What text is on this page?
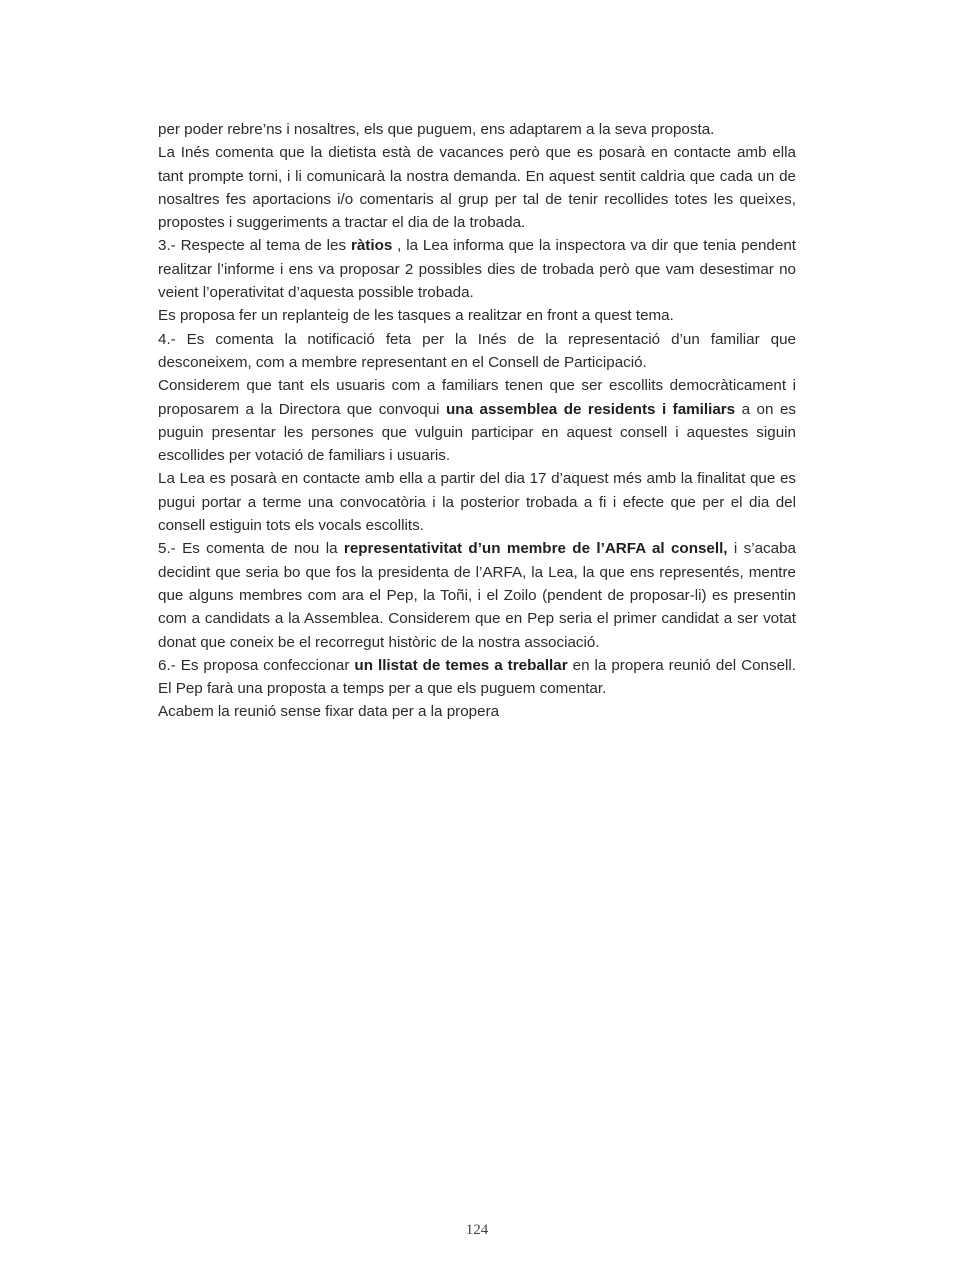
per poder rebre’ns i nosaltres, els que puguem, ens adaptarem a la seva proposta.

La Inés comenta que la dietista està de vacances però que es posarà en contacte amb ella tant prompte torni, i li comunicarà la nostra demanda. En aquest sentit caldria que cada un de nosaltres fes aportacions i/o comentaris al grup per tal de tenir recollides totes les queixes, propostes i suggeriments a tractar el dia de la trobada.

3.- Respecte al tema de les ràtios , la Lea informa que la inspectora va dir que tenia pendent realitzar l’informe i ens va proposar 2 possibles dies de trobada però que vam desestimar no veient l’operativitat d’aquesta possible trobada.

Es proposa fer un replanteig de les tasques a realitzar en front a quest tema.

4.- Es comenta la notificació feta per la Inés de la representació d’un familiar que desconeixem, com a membre representant en el Consell de Participació.

Considerem que tant els usuaris com a familiars tenen que ser escollits democràticament i proposarem a la Directora que convoqui una assemblea de residents i familiars a on es puguin presentar les persones que vulguin participar en aquest consell i aquestes siguin escollides per votació de familiars i usuaris.

La Lea es posarà en contacte amb ella a partir del dia 17 d’aquest més amb la finalitat que es pugui portar a terme una convocatòria i la posterior trobada a fi i efecte que per el dia del consell estiguin tots els vocals escollits.

5.- Es comenta de nou la representativitat d’un membre de l’ARFA al consell, i s’acaba decidint que seria bo que fos la presidenta de l’ARFA, la Lea, la que ens representés, mentre que alguns membres com ara el Pep, la Toñi, i el Zoilo (pendent de proposar-li) es presentin com a candidats a la Assemblea. Considerem que en Pep seria el primer candidat a ser votat donat que coneix be el recorregut històric de la nostra associació.

6.- Es proposa confeccionar un llistat de temes a treballar en la propera reunió del Consell. El Pep farà una proposta a temps per a que els puguem comentar.

Acabem la reunió sense fixar data per a la propera

124
